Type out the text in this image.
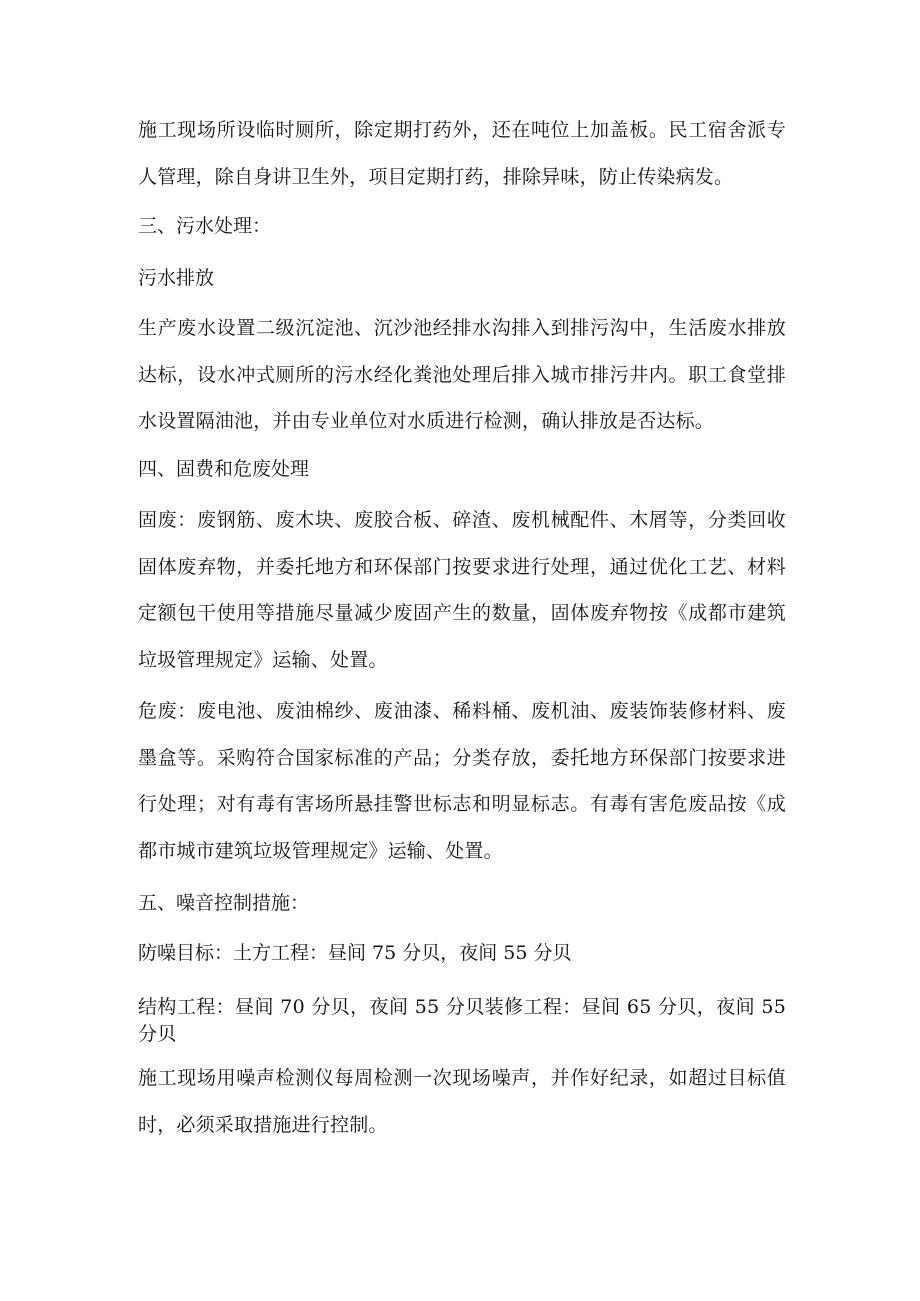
施工现场所设临时厕所，除定期打药外，还在吨位上加盖板。民工宿舍派专人管理，除自身讲卫生外，项目定期打药，排除异味，防止传染病发。

三、污水处理：

污水排放

生产废水设置二级沉淀池、沉沙池经排水沟排入到排污沟中，生活废水排放达标，设水冲式厕所的污水经化粪池处理后排入城市排污井内。职工食堂排水设置隔油池，并由专业单位对水质进行检测，确认排放是否达标。

四、固费和危废处理

固废：废钢筋、废木块、废胶合板、碎渣、废机械配件、木屑等，分类回收固体废弃物，并委托地方和环保部门按要求进行处理，通过优化工艺、材料定额包干使用等措施尽量减少废固产生的数量，固体废弃物按《成都市建筑垃圾管理规定》运输、处置。

危废：废电池、废油棉纱、废油漆、稀料桶、废机油、废装饰装修材料、废墨盒等。采购符合国家标准的产品；分类存放，委托地方环保部门按要求进行处理；对有毒有害场所悬挂警世标志和明显标志。有毒有害危废品按《成都市城市建筑垃圾管理规定》运输、处置。

五、噪音控制措施：

防噪目标：土方工程：昼间 75 分贝，夜间 55 分贝

结构工程：昼间 70 分贝，夜间 55 分贝装修工程：昼间 65 分贝，夜间 55 分贝

施工现场用噪声检测仪每周检测一次现场噪声，并作好纪录，如超过目标值时，必须采取措施进行控制。
